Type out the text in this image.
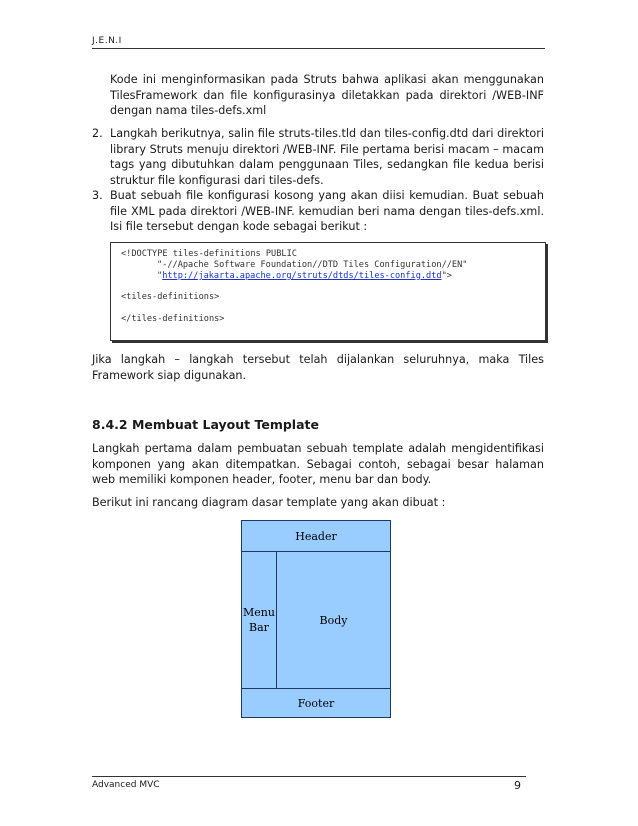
J.E.N.I

Kode ini menginformasikan pada Struts bahwa aplikasi akan menggunakan TilesFramework dan file konfigurasinya diletakkan pada direktori /WEB-INF dengan nama tiles-defs.xml

2. Langkah berikutnya, salin file struts-tiles.tld dan tiles-config.dtd dari direktori library Struts menuju direktori /WEB-INF. File pertama berisi macam – macam tags yang dibutuhkan dalam penggunaan Tiles, sedangkan file kedua berisi struktur file konfigurasi dari tiles-defs.

3. Buat sebuah file konfigurasi kosong yang akan diisi kemudian. Buat sebuah file XML pada direktori /WEB-INF. kemudian beri nama dengan tiles-defs.xml. Isi file tersebut dengan kode sebagai berikut :

<!DOCTYPE tiles-definitions PUBLIC
"-//Apache Software Foundation//DTD Tiles Configuration//EN"
"http://jakarta.apache.org/struts/dtds/tiles-config.dtd">
<tiles-definitions>
</tiles-definitions>

Jika langkah – langkah tersebut telah dijalankan seluruhnya, maka Tiles Framework siap digunakan.

8.4.2 Membuat Layout Template

Langkah pertama dalam pembuatan sebuah template adalah mengidentifikasi komponen yang akan ditempatkan. Sebagai contoh, sebagai besar halaman web memiliki komponen header, footer, menu bar dan body.

Berikut ini rancang diagram dasar template yang akan dibuat :

Header
Menu
Bar
Body
Footer
Advanced MVC	9
